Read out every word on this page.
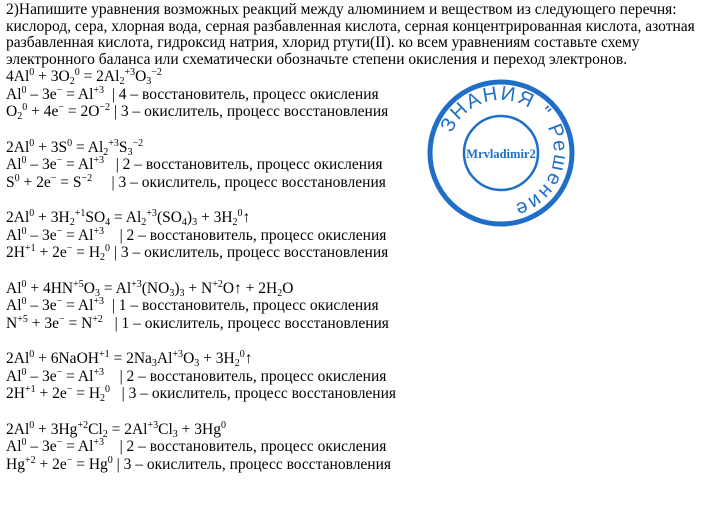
2)Напишите уравнения возможных реакций между алюминием и веществом из следующего перечня: кислород, сера, хлорная вода, серная разбавленная кислота, серная концентрированная кислота, азотная разбавленная кислота, гидроксид натрия, хлорид ртути(II). ко всем уравнениям составьте схему электронного баланса или схематически обозначьте степени окисления и переход электронов.

$4Al^0 + 3O_2^0 = 2Al_2^{+3}O_3^{-2}$
$Al^0 - 3e^- = Al^{+3}$  | 4 – восстановитель, процесс окисления
$O_2^0 + 4e^- = 2O^{-2}$ | 3 – окислитель, процесс восстановления
$2Al^0 + 3S^0 = Al_2^{+3}S_3^{-2}$
$Al^0 - 3e^- = Al^{+3}$   | 2 – восстановитель, процесс окисления
$S^0 + 2e^- = S^{-2}$     | 3 – окислитель, процесс восстановления
$2Al^0 + 3H_2^{+1}SO_4 = Al_2^{+3}(SO_4)_3$ + $3H_2^0↑$
$Al^0 - 3e^- = Al^{+3}$    | 2 – восстановитель, процесс окисления
$2H^{+1} + 2e^- = H_2^0$ | 3 – окислитель, процесс восстановления
$Al^0 + 4HN^{+5}O_3 = Al^{+3}(NO_3)_3$ + $N^{+2}O↑ + 2H_2O$
$Al^0 - 3e^- = Al^{+3}$  | 1 – восстановитель, процесс окисления
$N^{+5} + 3e^- = N^{+2}$   | 1 – окислитель, процесс восстановления
$2Al^0$ + 6NaOH$^{+1}$ = $2Na_3Al^{+3}O_3$ + $3H_2^0↑$
$Al^0 - 3e^- = Al^{+3}$    | 2 – восстановитель, процесс окисления
$2H^{+1} + 2e^- = H_2^0$   | 3 – окислитель, процесс восстановления
$2Al^0 + 3Hg^{+2}Cl_2 = 2Al^{+3}Cl_3 + 3Hg^0$
$Al^0 - 3e^- = Al^{+3}$    | 2 – восстановитель, процесс окисления
$Hg^{+2} + 2e^- = Hg^0$ | 3 – окислитель, процесс восстановления
ЗНАНИЯ " Решение
Mrvladimir2
